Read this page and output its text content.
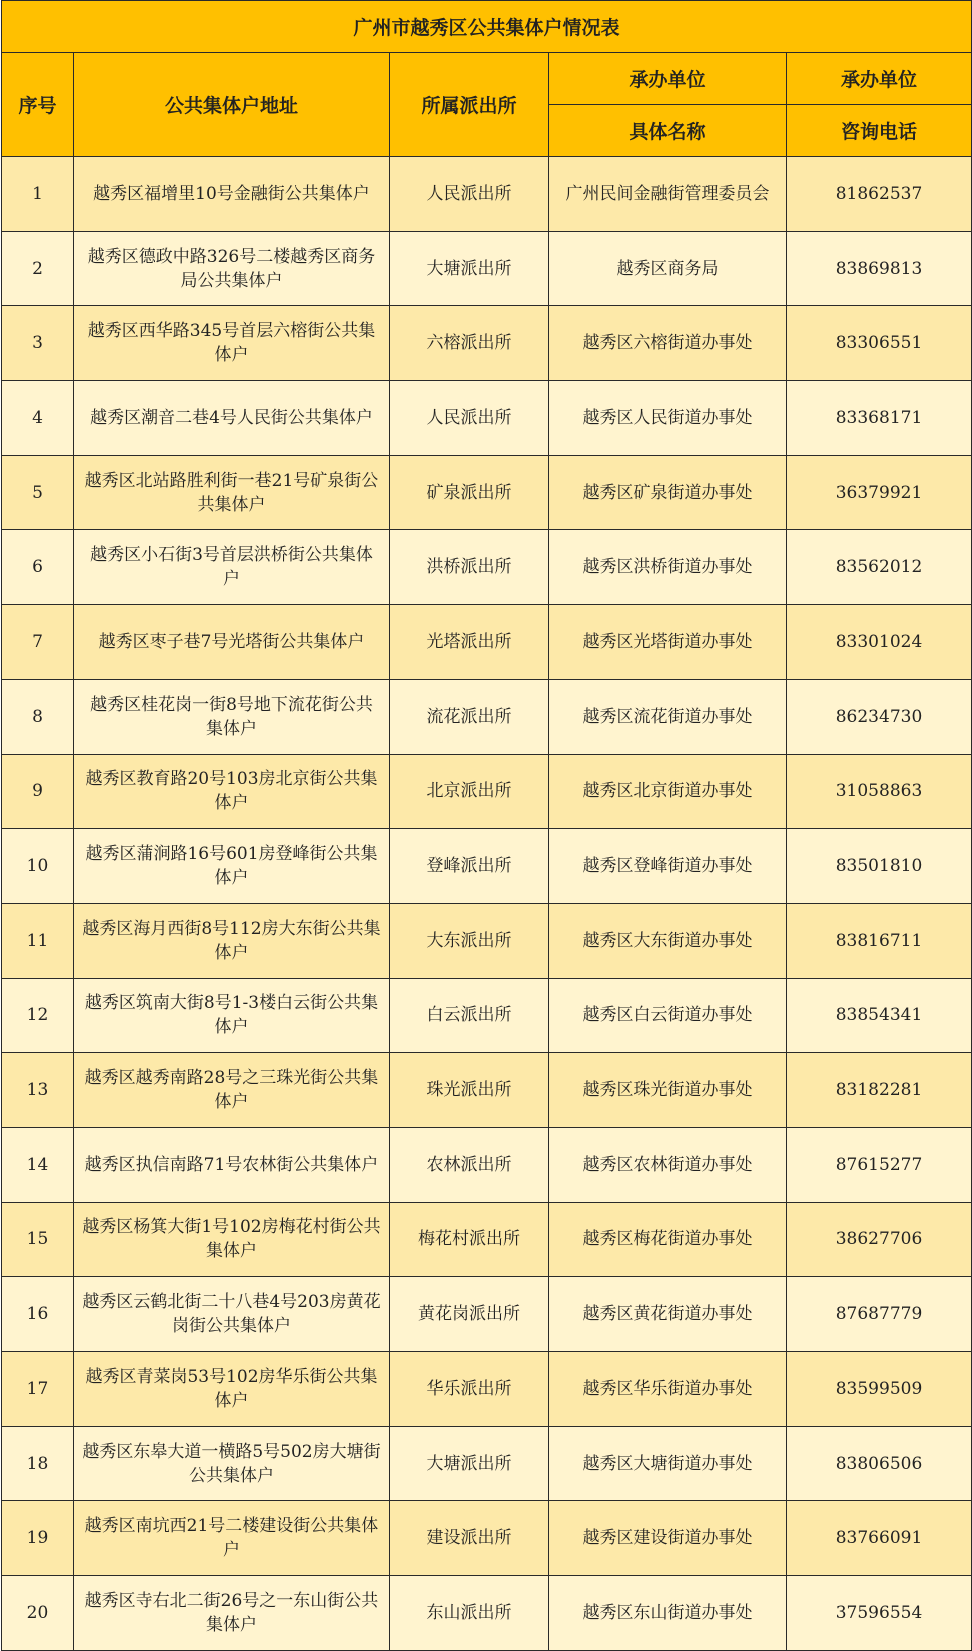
广州市越秀区公共集体户情况表				
序号	公共集体户地址	所属派出所	承办单位	承办单位
			具体名称	咨询电话
1	越秀区福增里10号金融街公共集体户	人民派出所	广州民间金融街管理委员会	81862537
2	越秀区德政中路326号二楼越秀区商务局公共集体户	大塘派出所	越秀区商务局	83869813
3	越秀区西华路345号首层六榕街公共集体户	六榕派出所	越秀区六榕街道办事处	83306551
4	越秀区潮音二巷4号人民街公共集体户	人民派出所	越秀区人民街道办事处	83368171
5	越秀区北站路胜利街一巷21号矿泉街公共集体户	矿泉派出所	越秀区矿泉街道办事处	36379921
6	越秀区小石街3号首层洪桥街公共集体户	洪桥派出所	越秀区洪桥街道办事处	83562012
7	越秀区枣子巷7号光塔街公共集体户	光塔派出所	越秀区光塔街道办事处	83301024
8	越秀区桂花岗一街8号地下流花街公共集体户	流花派出所	越秀区流花街道办事处	86234730
9	越秀区教育路20号103房北京街公共集体户	北京派出所	越秀区北京街道办事处	31058863
10	越秀区蒲涧路16号601房登峰街公共集体户	登峰派出所	越秀区登峰街道办事处	83501810
11	越秀区海月西街8号112房大东街公共集体户	大东派出所	越秀区大东街道办事处	83816711
12	越秀区筑南大街8号1-3楼白云街公共集体户	白云派出所	越秀区白云街道办事处	83854341
13	越秀区越秀南路28号之三珠光街公共集体户	珠光派出所	越秀区珠光街道办事处	83182281
14	越秀区执信南路71号农林街公共集体户	农林派出所	越秀区农林街道办事处	87615277
15	越秀区杨箕大街1号102房梅花村街公共集体户	梅花村派出所	越秀区梅花街道办事处	38627706
16	越秀区云鹤北街二十八巷4号203房黄花岗街公共集体户	黄花岗派出所	越秀区黄花街道办事处	87687779
17	越秀区青菜岗53号102房华乐街公共集体户	华乐派出所	越秀区华乐街道办事处	83599509
18	越秀区东皋大道一横路5号502房大塘街公共集体户	大塘派出所	越秀区大塘街道办事处	83806506
19	越秀区南坑西21号二楼建设街公共集体户	建设派出所	越秀区建设街道办事处	83766091
20	越秀区寺右北二街26号之一东山街公共集体户	东山派出所	越秀区东山街道办事处	37596554
